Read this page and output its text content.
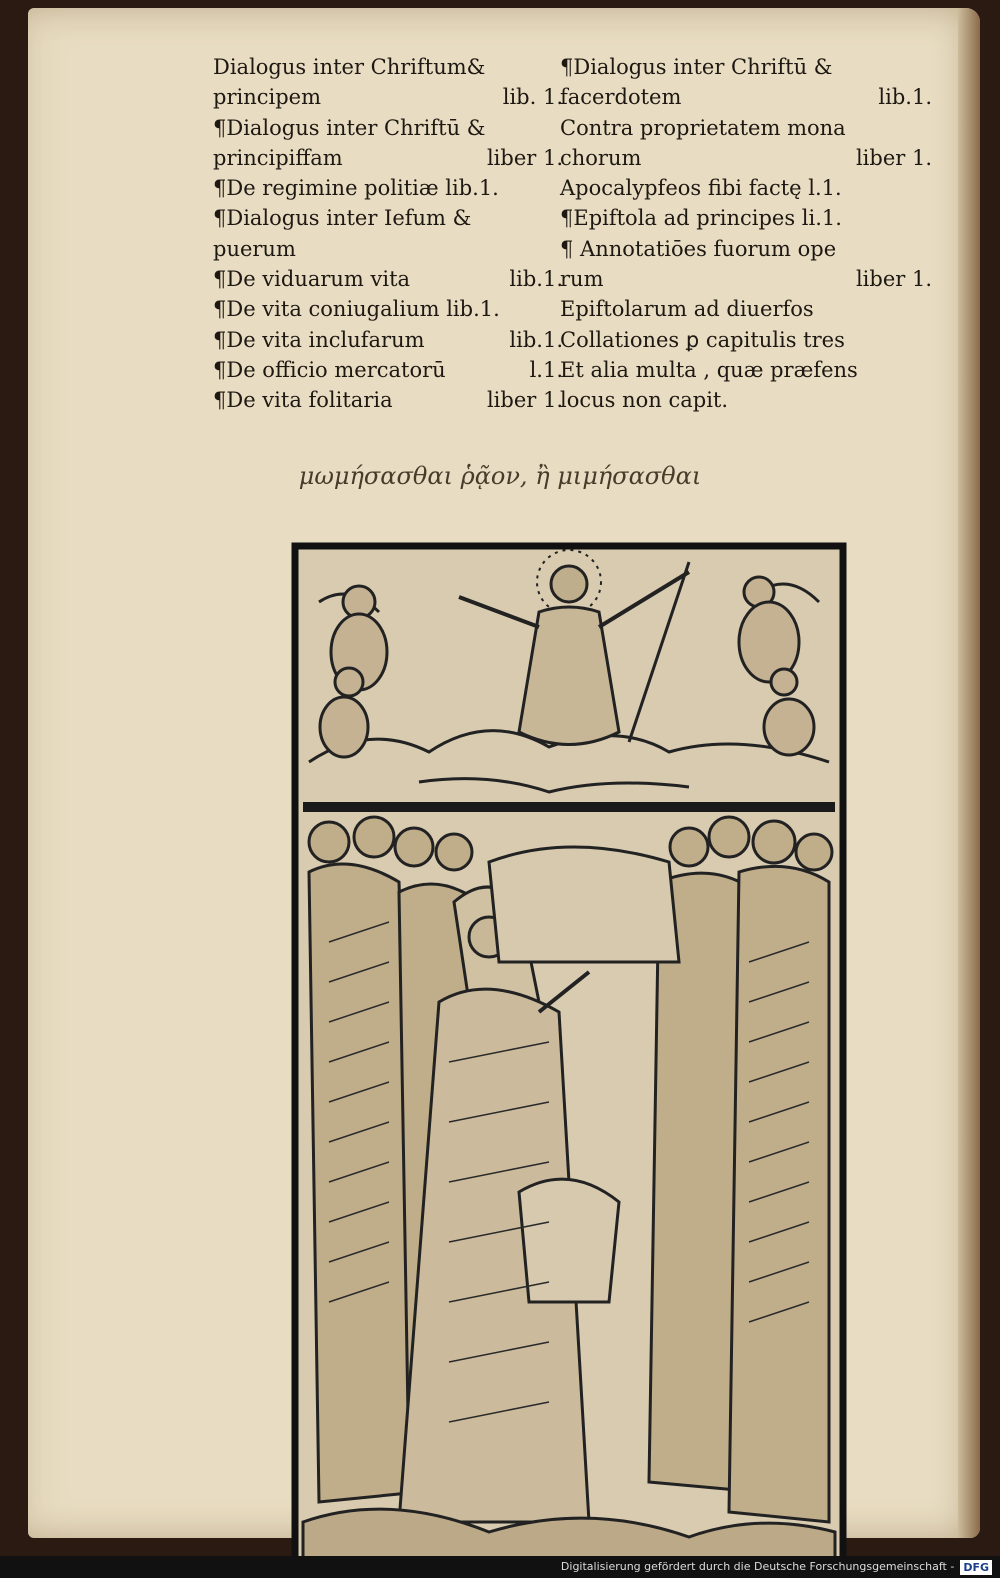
Dialogus inter Chriftum&
principem	lib. 1.
¶Dialogus inter Chriftū &
principiffam	liber 1.
¶De regimine politiæ lib.1.
¶Dialogus inter Iefum &
puerum
¶De viduarum vita	lib.1.
¶De vita coniugalium lib.1.
¶De vita inclufarum	lib.1.
¶De officio mercatorū	l.1.
¶De vita folitaria	liber 1.
¶Dialogus inter Chriftū &
facerdotem	lib.1.
Contra proprietatem mona
chorum	liber 1.
Apocalypfeos fibi factę l.1.
¶Epiftola ad principes li.1.
¶ Annotatiōes fuorum ope
rum	liber 1.
Epiftolarum ad diuerfos
Collationes ꝑ capitulis tres
Et alia multa , quæ præfens
locus non capit.
μωμήσασθαι ῥᾷον, ἢ μιμήσασθαι
Digitalisierung gefördert durch die Deutsche Forschungsgemeinschaft - DFG
